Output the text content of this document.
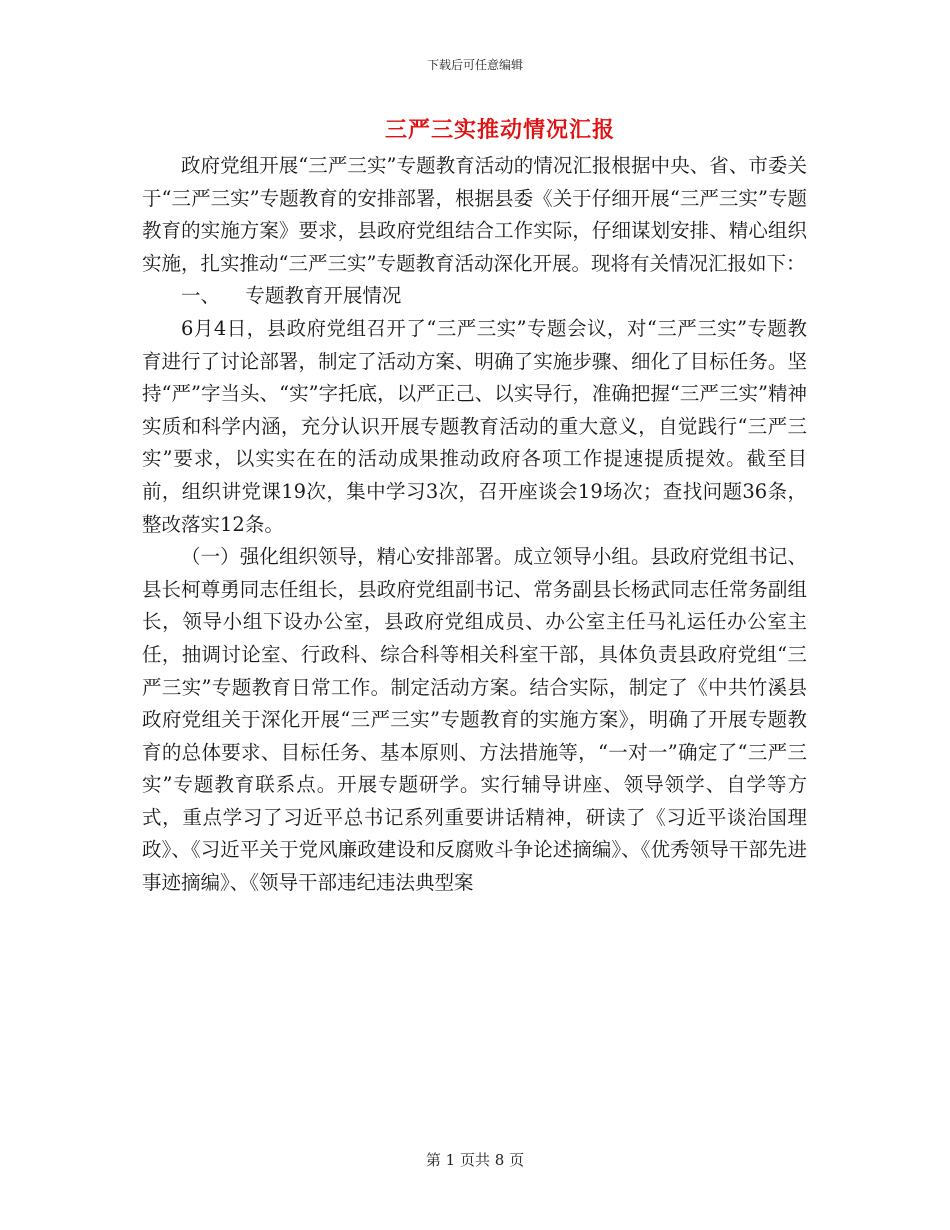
下载后可任意编辑
三严三实推动情况汇报

政府党组开展“三严三实”专题教育活动的情况汇报根据中央、省、市委关于“三严三实”专题教育的安排部署，根据县委《关于仔细开展“三严三实”专题教育的实施方案》要求，县政府党组结合工作实际，仔细谋划安排、精心组织实施，扎实推动“三严三实”专题教育活动深化开展。现将有关情况汇报如下：

一、 专题教育开展情况

6月4日，县政府党组召开了“三严三实”专题会议，对“三严三实”专题教育进行了讨论部署，制定了活动方案、明确了实施步骤、细化了目标任务。坚持“严”字当头、“实”字托底，以严正己、以实导行，准确把握“三严三实”精神实质和科学内涵，充分认识开展专题教育活动的重大意义，自觉践行“三严三实”要求，以实实在在的活动成果推动政府各项工作提速提质提效。截至目前，组织讲党课19次，集中学习3次，召开座谈会19场次；查找问题36条，整改落实12条。

（一）强化组织领导，精心安排部署。成立领导小组。县政府党组书记、县长柯尊勇同志任组长，县政府党组副书记、常务副县长杨武同志任常务副组长，领导小组下设办公室，县政府党组成员、办公室主任马礼运任办公室主任，抽调讨论室、行政科、综合科等相关科室干部，具体负责县政府党组“三严三实”专题教育日常工作。制定活动方案。结合实际，制定了《中共竹溪县政府党组关于深化开展“三严三实”专题教育的实施方案》，明确了开展专题教育的总体要求、目标任务、基本原则、方法措施等，“一对一”确定了“三严三实”专题教育联系点。开展专题研学。实行辅导讲座、领导领学、自学等方式，重点学习了习近平总书记系列重要讲话精神，研读了《习近平谈治国理政》、《习近平关于党风廉政建设和反腐败斗争论述摘编》、《优秀领导干部先进事迹摘编》、《领导干部违纪违法典型案

第 1 页共 8 页
